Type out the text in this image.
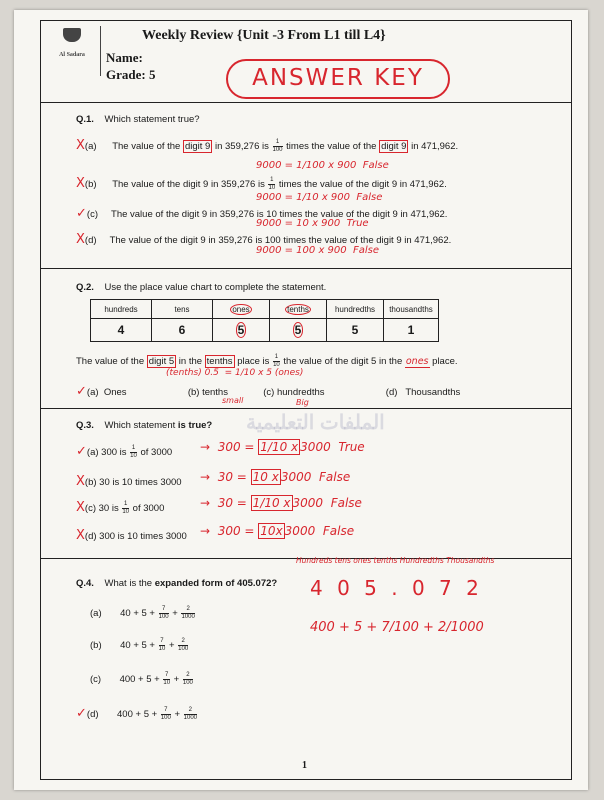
Al Sadara
Weekly Review {Unit -3 From L1 till L4}
Name:
Grade: 5	ANSWER KEY
Q.1. Which statement true?
X(a) The value of the digit 9 in 359,276 is $\frac{1}{100}$ times the value of the digit 9 in 471,962.
9000 = 1/100 x 900 False
X(b) The value of the digit 9 in 359,276 is $\frac{1}{10}$ times the value of the digit 9 in 471,962.
9000 = 1/10 x 900 False
✓(c) The value of the digit 9 in 359,276 is 10 times the value of the digit 9 in 471,962.
9000 = 10 x 900 True
X(d) The value of the digit 9 in 359,276 is 100 times the value of the digit 9 in 471,962.
9000 = 100 x 900 False
Q.2. Use the place value chart to complete the statement.
hundreds	tens	ones	tenths	hundredths	thousandths
4	6	5	5	5	1
The value of the digit 5 in the tenths place is $\frac{1}{10}$ the value of the digit 5 in the ones place.
(tenths) 0.5 = 1/10 x 5 (ones)
✓(a) Ones	(b) tenths	(c) hundredths	(d) Thousandths
small	Big
الملفات التعليمية
Q.3. Which statement is true?
✓(a) 300 is $\frac{1}{10}$ of 3000 →  300 = 1/10 x 3000 True
X(b) 30 is 10 times 3000 →  30 = 10 x 3000 False
X(c) 30 is $\frac{1}{10}$ of 3000	→  30 = 1/10 x 3000 False
X(d) 300 is 10 times 3000 →  300 = 10x 3000 False
Q.4. What is the expanded form of 405.072?
Hundreds tens ones tenths Hundredths Thousandths
4 0 5 . 0 7 2
400 + 5 + 7/100 + 2/1000
(a) $40 + 5 + \frac{7}{100} + \frac{2}{1000}$
(b) $40 + 5 + \frac{7}{10} + \frac{2}{100}$
(c) $400 + 5 + \frac{7}{10} + \frac{2}{100}$
✓(d) $400 + 5 + \frac{7}{100} + \frac{2}{1000}$
1
